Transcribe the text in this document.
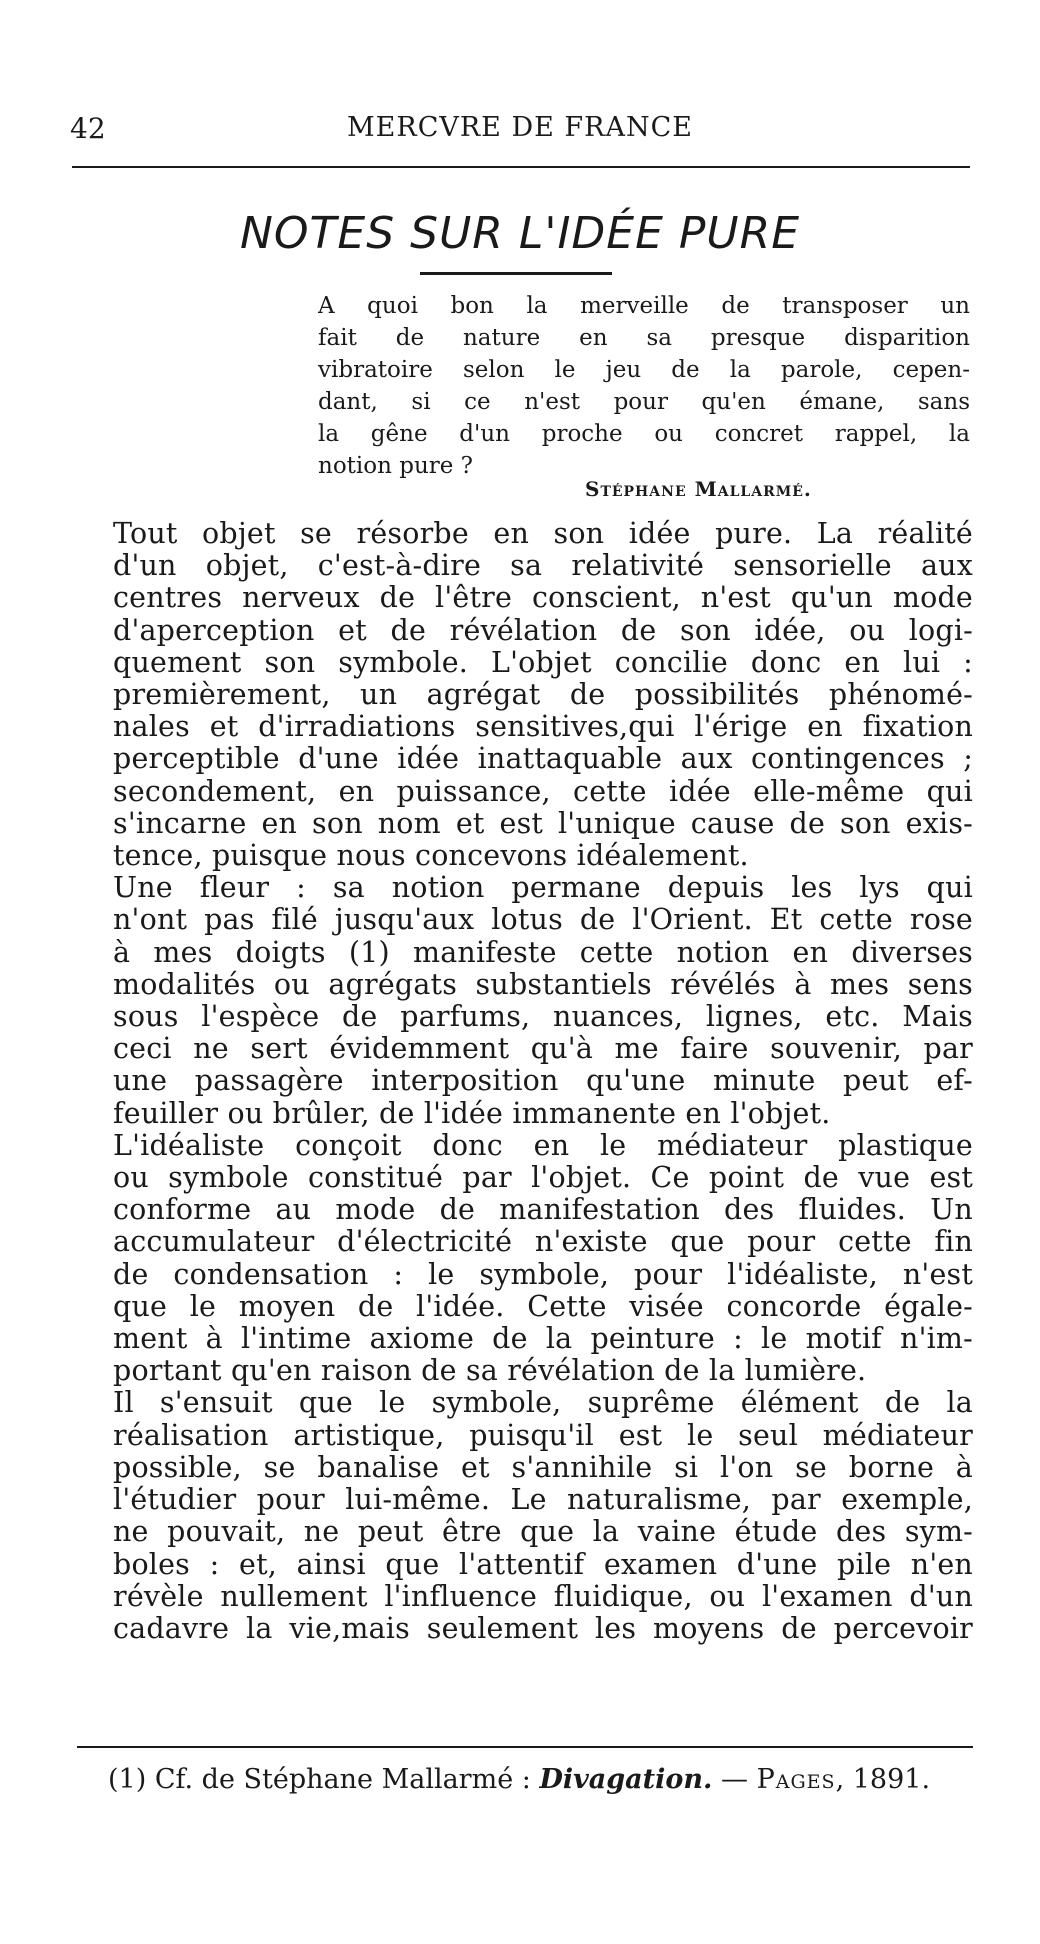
42	MERCVRE DE FRANCE
NOTES SUR L'IDÉE PURE
A quoi bon la merveille de transposer un
fait de nature en sa presque disparition
vibratoire selon le jeu de la parole, cepen-
dant, si ce n'est pour qu'en émane, sans
la gêne d'un proche ou concret rappel, la
notion pure ?
Stéphane Mallarmé.
Tout objet se résorbe en son idée pure. La réalité
d'un objet, c'est-à-dire sa relativité sensorielle aux
centres nerveux de l'être conscient, n'est qu'un mode
d'aperception et de révélation de son idée, ou logi-
quement son symbole. L'objet concilie donc en lui :
premièrement, un agrégat de possibilités phénomé-
nales et d'irradiations sensitives,qui l'érige en fixation
perceptible d'une idée inattaquable aux contingences ;
secondement, en puissance, cette idée elle-même qui
s'incarne en son nom et est l'unique cause de son exis-
tence, puisque nous concevons idéalement.
Une fleur : sa notion permane depuis les lys qui
n'ont pas filé jusqu'aux lotus de l'Orient. Et cette rose
à mes doigts (1) manifeste cette notion en diverses
modalités ou agrégats substantiels révélés à mes sens
sous l'espèce de parfums, nuances, lignes, etc. Mais
ceci ne sert évidemment qu'à me faire souvenir, par
une passagère interposition qu'une minute peut ef-
feuiller ou brûler, de l'idée immanente en l'objet.
L'idéaliste conçoit donc en le médiateur plastique
ou symbole constitué par l'objet. Ce point de vue est
conforme au mode de manifestation des fluides. Un
accumulateur d'électricité n'existe que pour cette fin
de condensation : le symbole, pour l'idéaliste, n'est
que le moyen de l'idée. Cette visée concorde égale-
ment à l'intime axiome de la peinture : le motif n'im-
portant qu'en raison de sa révélation de la lumière.
Il s'ensuit que le symbole, suprême élément de la
réalisation artistique, puisqu'il est le seul médiateur
possible, se banalise et s'annihile si l'on se borne à
l'étudier pour lui-même. Le naturalisme, par exemple,
ne pouvait, ne peut être que la vaine étude des sym-
boles : et, ainsi que l'attentif examen d'une pile n'en
révèle nullement l'influence fluidique, ou l'examen d'un
cadavre la vie,mais seulement les moyens de percevoir
(1) Cf. de Stéphane Mallarmé : Divagation. — Pages, 1891.
